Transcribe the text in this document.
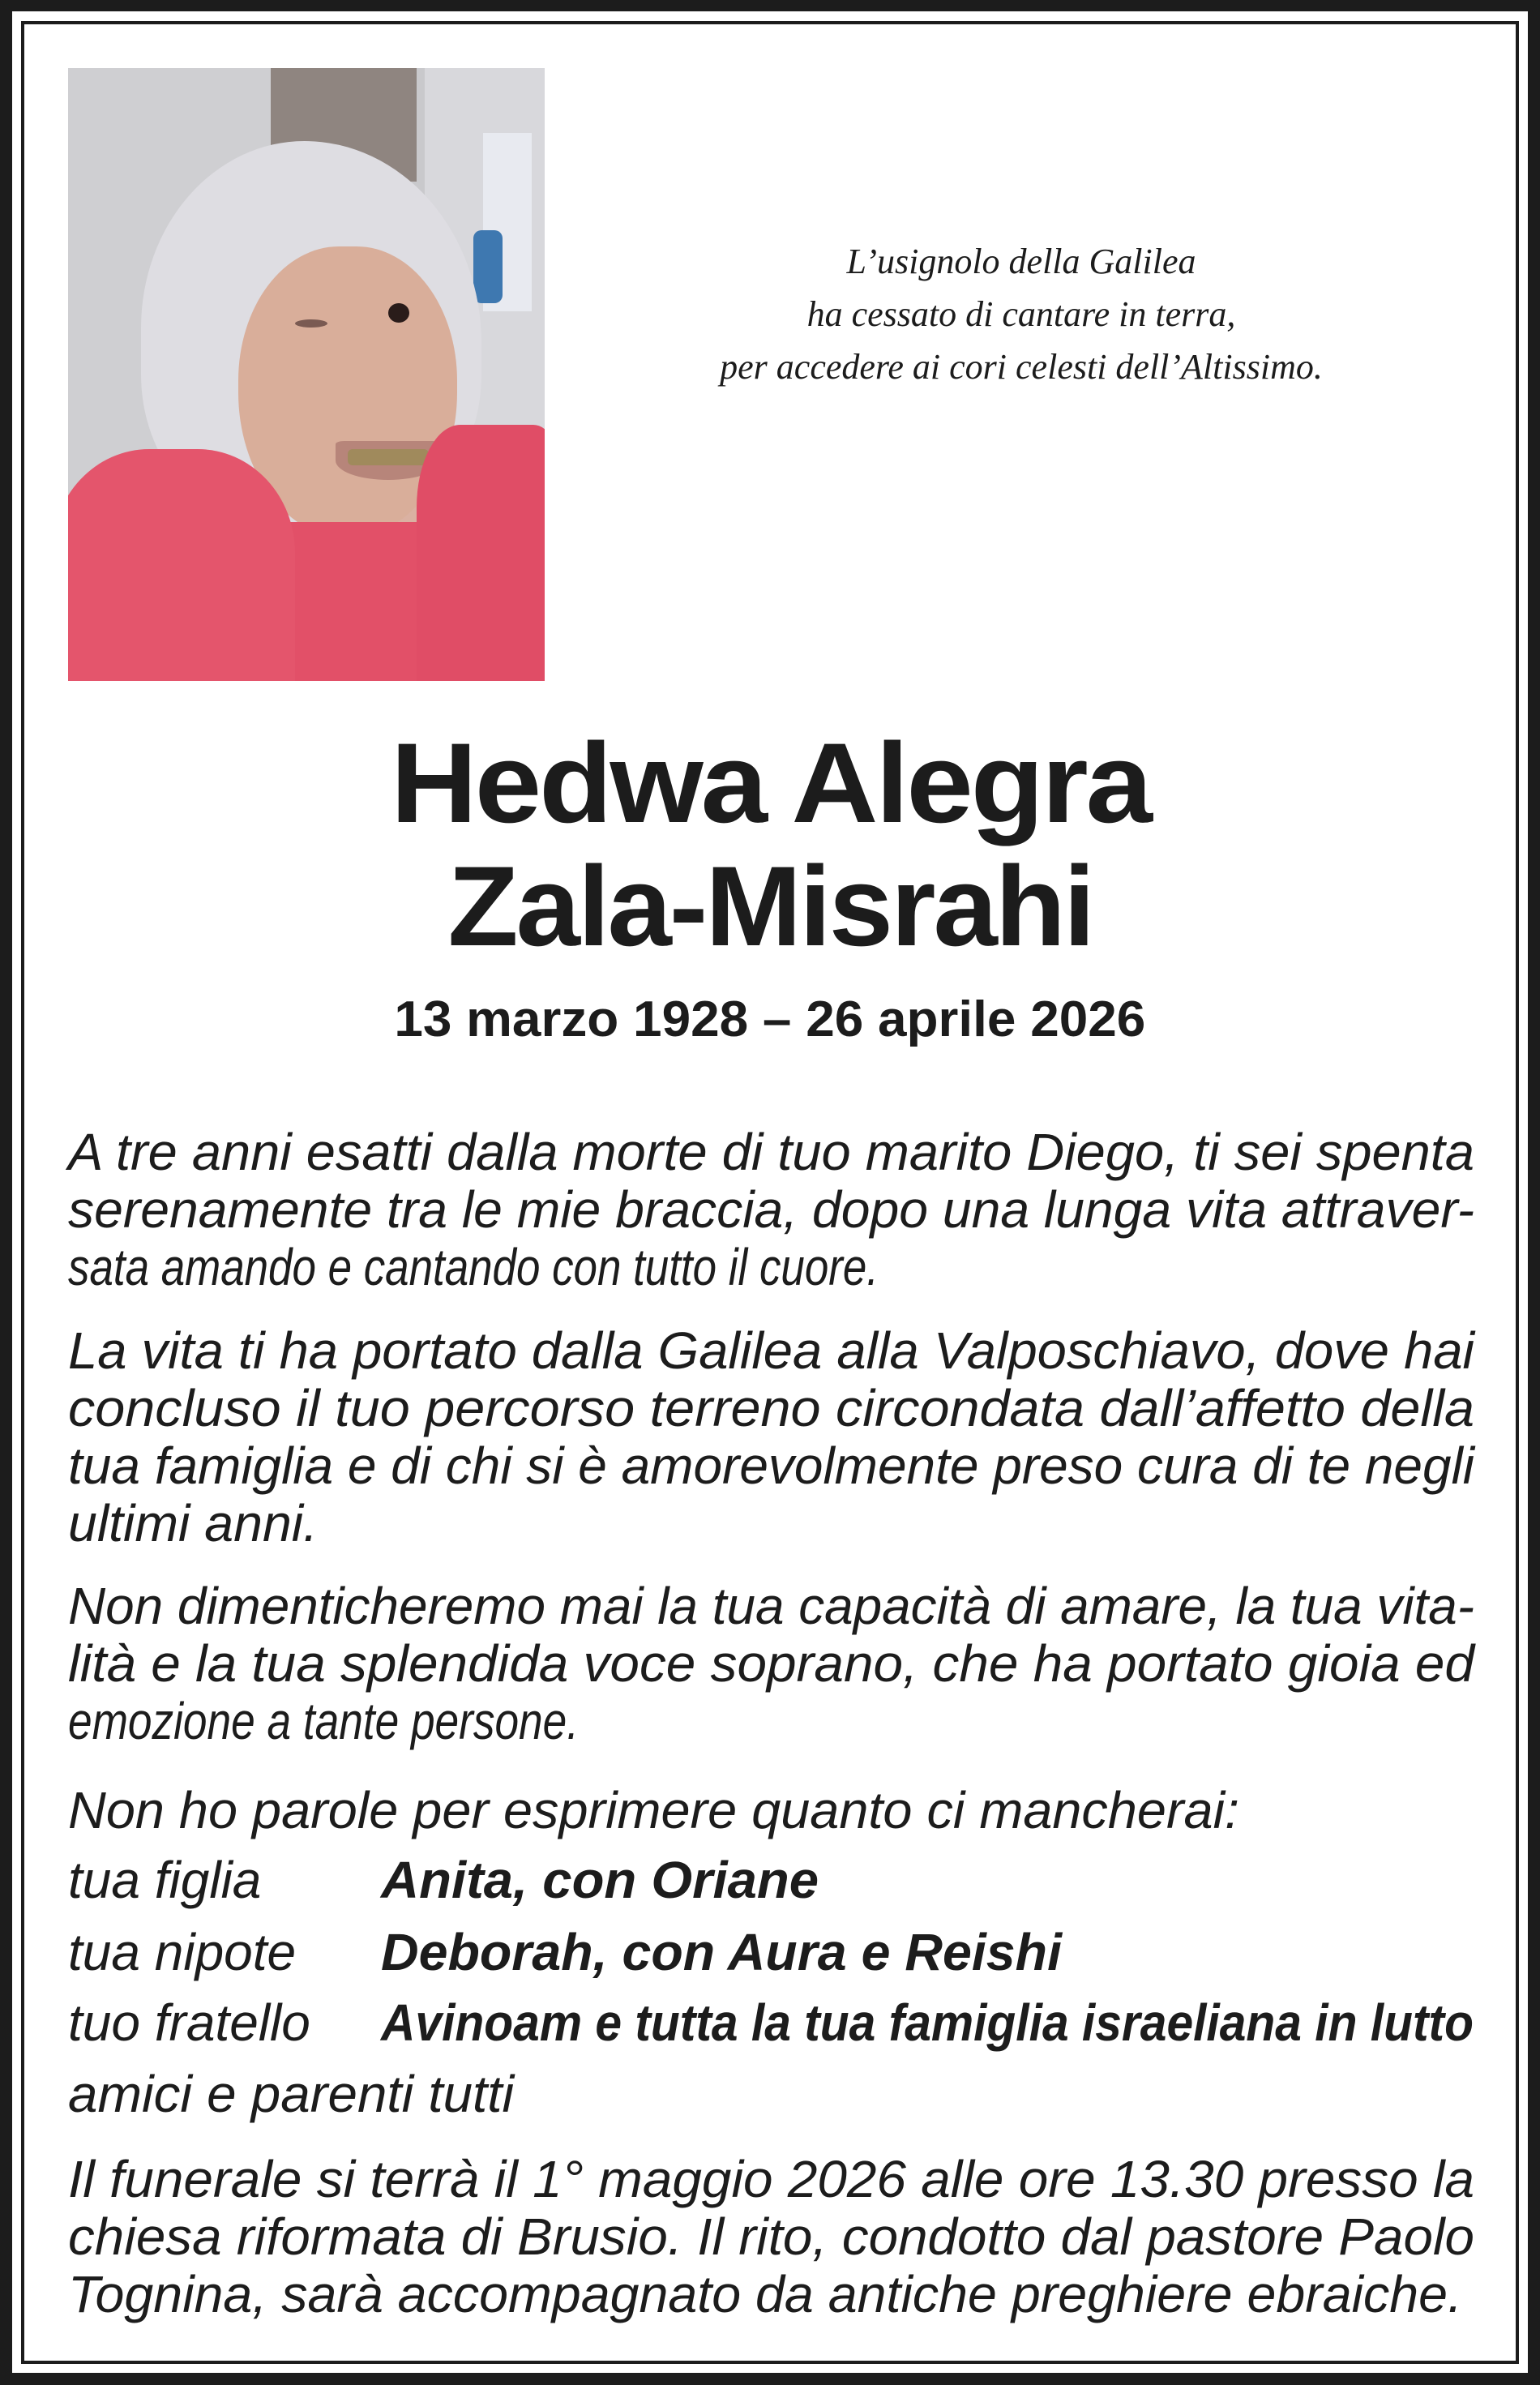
L’usignolo della Galilea
ha cessato di cantare in terra,
per accedere ai cori celesti dell’Altissimo.
Hedwa Alegra
Zala-Misrahi
13 marzo 1928 – 26 aprile 2026
A tre anni esatti dalla morte di tuo marito Diego, ti sei spenta
serenamente tra le mie braccia, dopo una lunga vita attraver-
sata amando e cantando con tutto il cuore.
La vita ti ha portato dalla Galilea alla Valposchiavo, dove hai
concluso il tuo percorso terreno circondata dall’affetto della
tua famiglia e di chi si è amorevolmente preso cura di te negli
ultimi anni.
Non dimenticheremo mai la tua capacità di amare, la tua vita-
lità e la tua splendida voce soprano, che ha portato gioia ed
emozione a tante persone.
Non ho parole per esprimere quanto ci mancherai:
tua figlia Anita, con Oriane
tua nipote Deborah, con Aura e Reishi
tuo fratello Avinoam e tutta la tua famiglia israeliana in lutto
amici e parenti tutti
Il funerale si terrà il 1° maggio 2026 alle ore 13.30 presso la
chiesa riformata di Brusio. Il rito, condotto dal pastore Paolo
Tognina, sarà accompagnato da antiche preghiere ebraiche.
